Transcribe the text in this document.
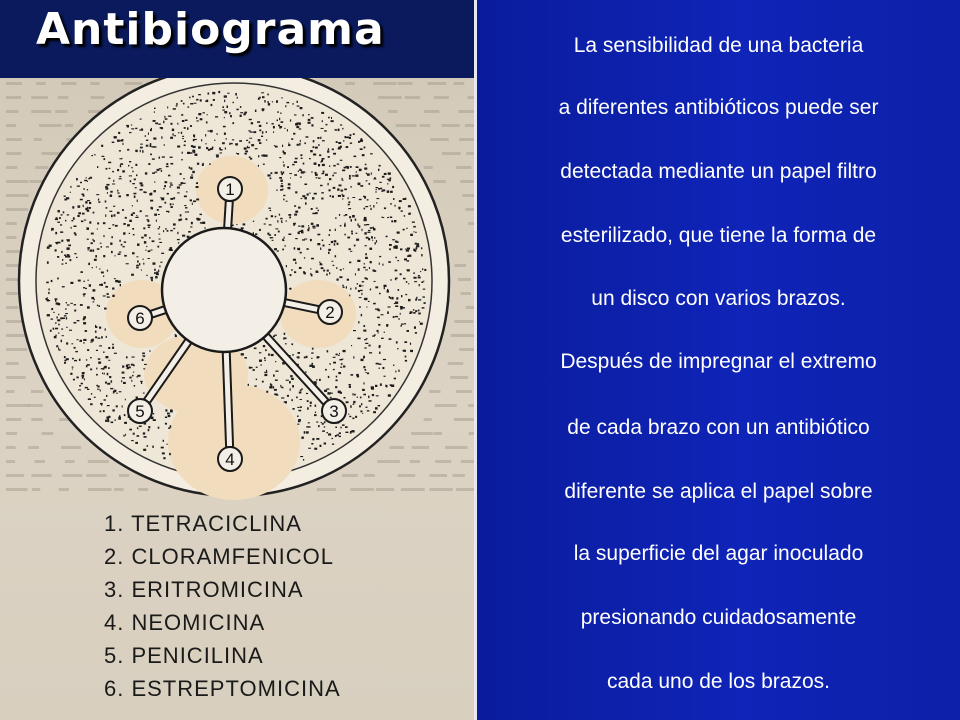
Antibiograma
1
2
3
4
5
6
1. TETRACICLINA
2. CLORAMFENICOL
3. ERITROMICINA
4. NEOMICINA
5. PENICILINA
6. ESTREPTOMICINA
La sensibilidad de una bacteria
a diferentes antibióticos puede ser
detectada mediante un papel filtro
esterilizado, que tiene la forma de
un disco con varios brazos.
Después de impregnar el extremo
de cada brazo con un antibiótico
diferente se aplica el papel sobre
la superficie del agar inoculado
presionando cuidadosamente
cada uno de los brazos.
